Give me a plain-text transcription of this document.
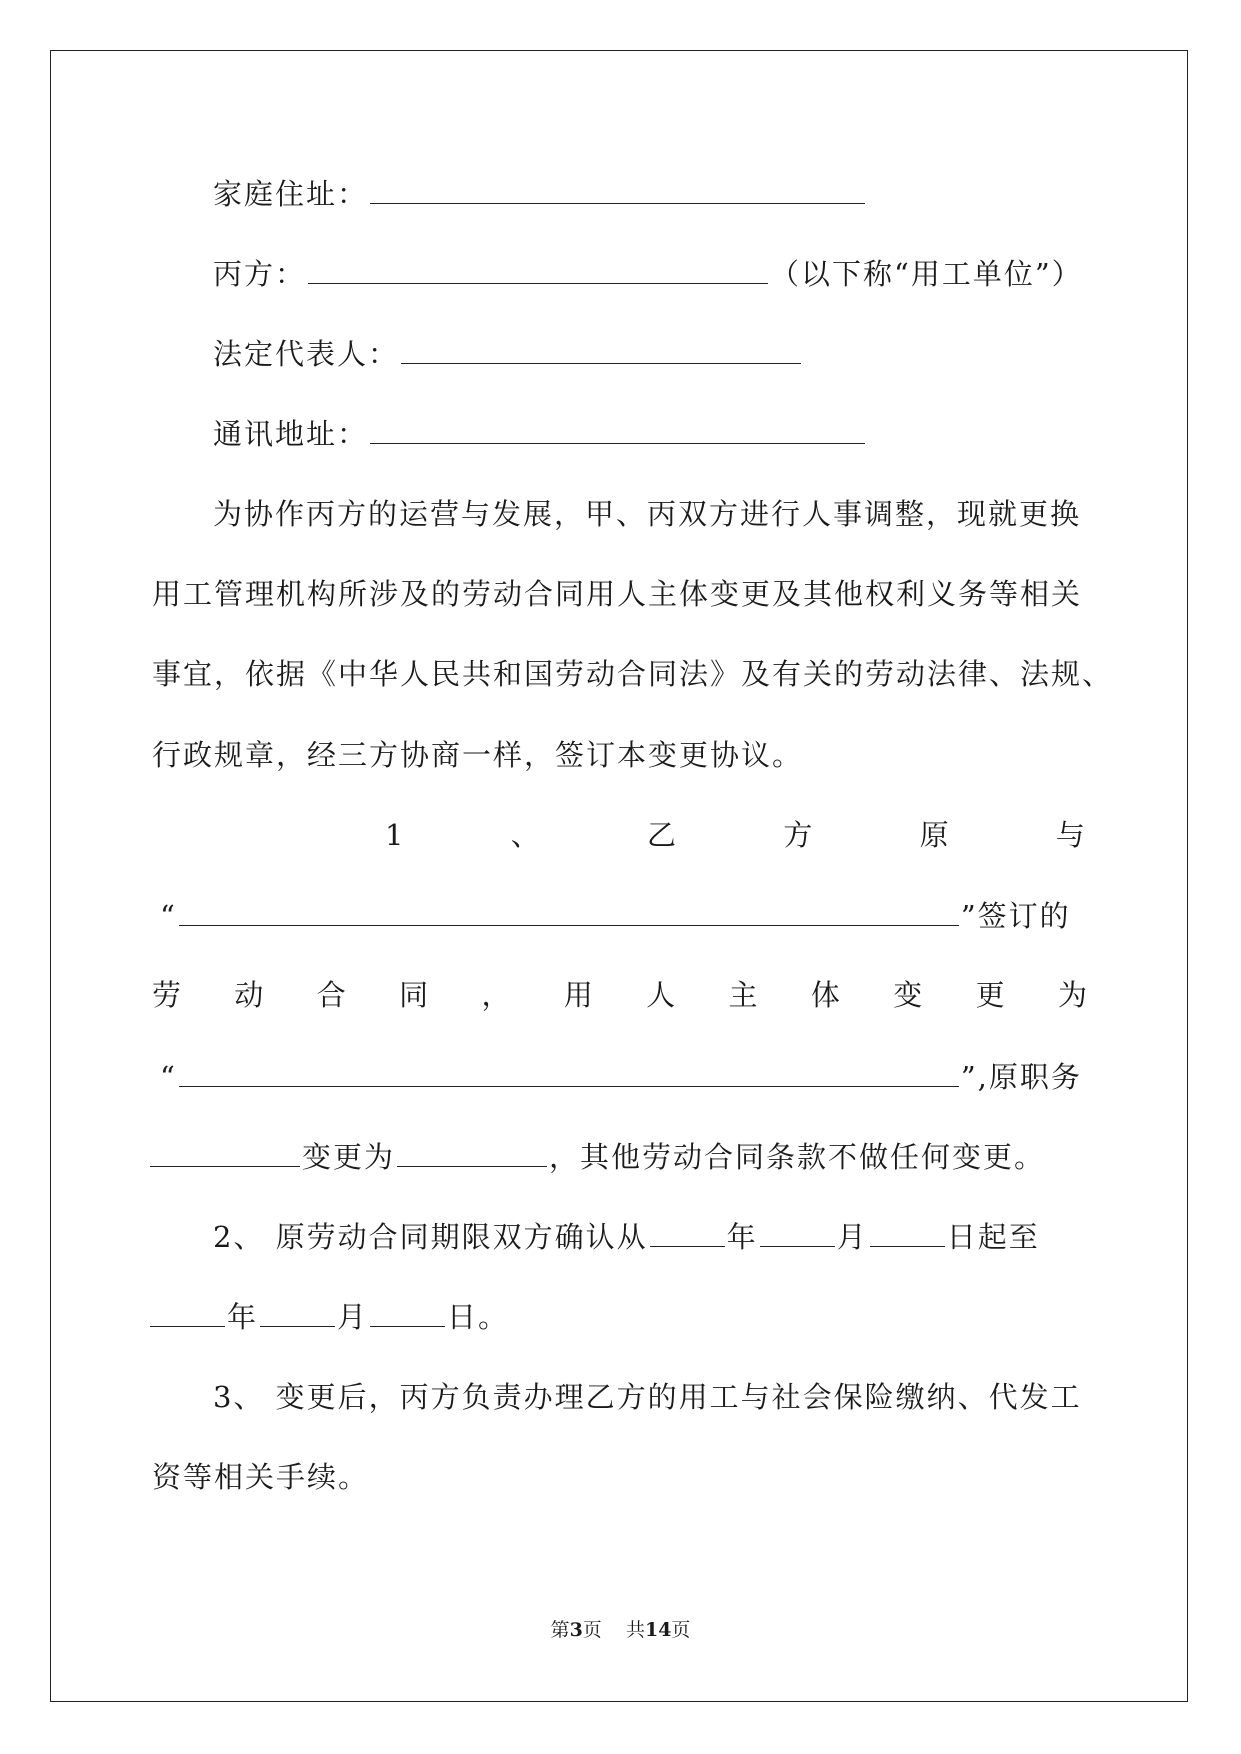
家庭住址：
丙方：	（以下称“用工单位”）
法定代表人：
通讯地址：
为协作丙方的运营与发展，甲、丙双方进行人事调整，现就更换
用工管理机构所涉及的劳动合同用人主体变更及其他权利义务等相关
事宜，依据《中华人民共和国劳动合同法》及有关的劳动法律、法规、
行政规章，经三方协商一样，签订本变更协议。
1	、	乙	方	原	与
“	”签订的
劳 动 合 同 ， 用 人 主 体 变 更 为
“	”,原职务
变更为	，其他劳动合同条款不做任何变更。
2、 原劳动合同期限双方确认从	年	月	日起至
年	月	日。
3、 变更后，丙方负责办理乙方的用工与社会保险缴纳、代发工
资等相关手续。
第3页    共14页
